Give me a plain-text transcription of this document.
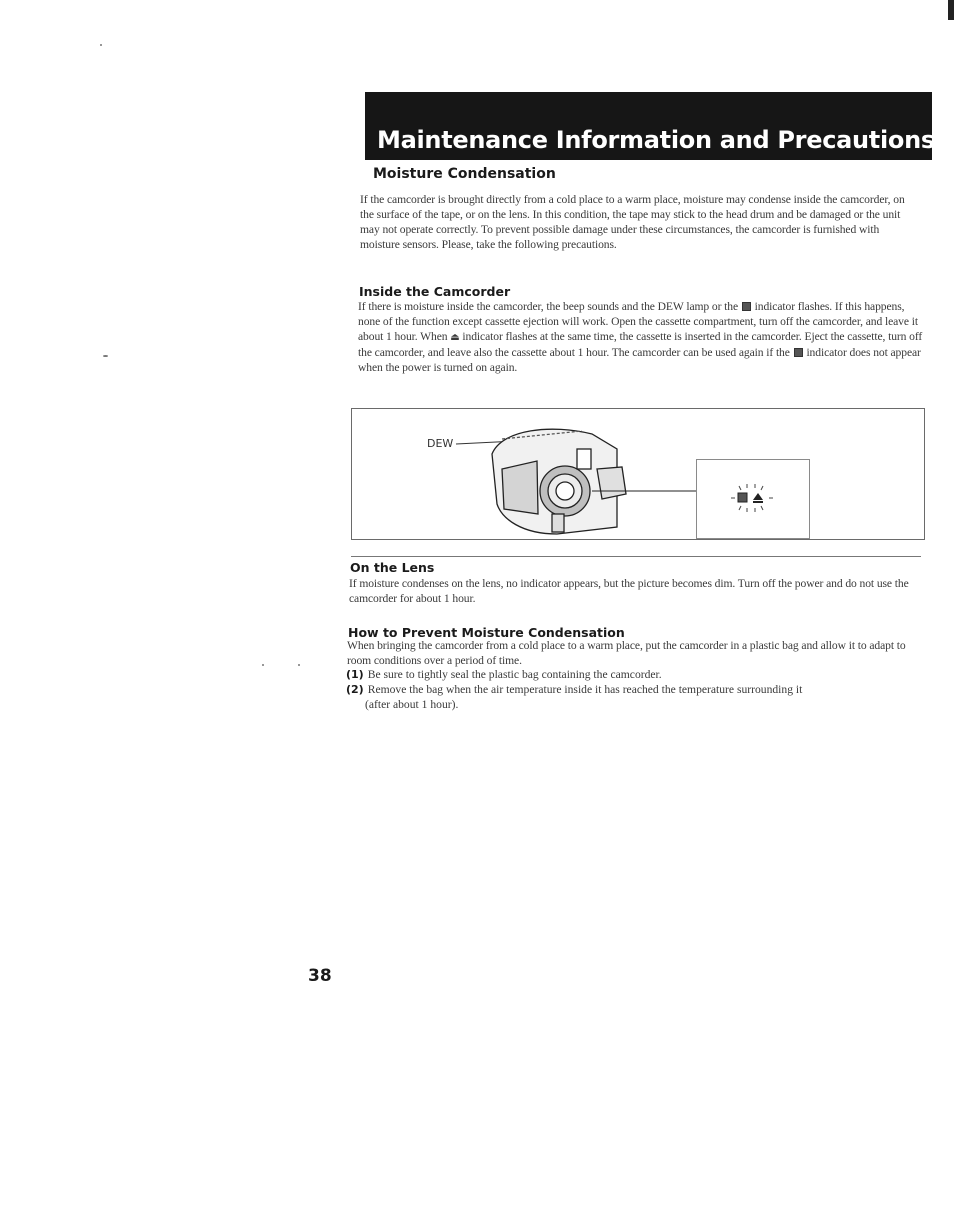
Maintenance Information and Precautions
Moisture Condensation

If the camcorder is brought directly from a cold place to a warm place, moisture may condense inside the camcorder, on the surface of the tape, or on the lens. In this condition, the tape may stick to the head drum and be damaged or the unit may not operate correctly. To prevent possible damage under these circumstances, the camcorder is furnished with moisture sensors. Please, take the following precautions.

Inside the Camcorder

If there is moisture inside the camcorder, the beep sounds and the DEW lamp or the indicator flashes. If this happens, none of the function except cassette ejection will work. Open the cassette compartment, turn off the camcorder, and leave it about 1 hour. When ⏏ indicator flashes at the same time, the cassette is inserted in the camcorder. Eject the cassette, turn off the camcorder, and leave also the cassette about 1 hour. The camcorder can be used again if the indicator does not appear when the power is turned on again.

DEW
On the Lens

If moisture condenses on the lens, no indicator appears, but the picture becomes dim. Turn off the power and do not use the camcorder for about 1 hour.

How to Prevent Moisture Condensation

When bringing the camcorder from a cold place to a warm place, put the camcorder in a plastic bag and allow it to adapt to room conditions over a period of time.

(1) Be sure to tightly seal the plastic bag containing the camcorder.
(2) Remove the bag when the air temperature inside it has reached the temperature surrounding it
(after about 1 hour).
38
